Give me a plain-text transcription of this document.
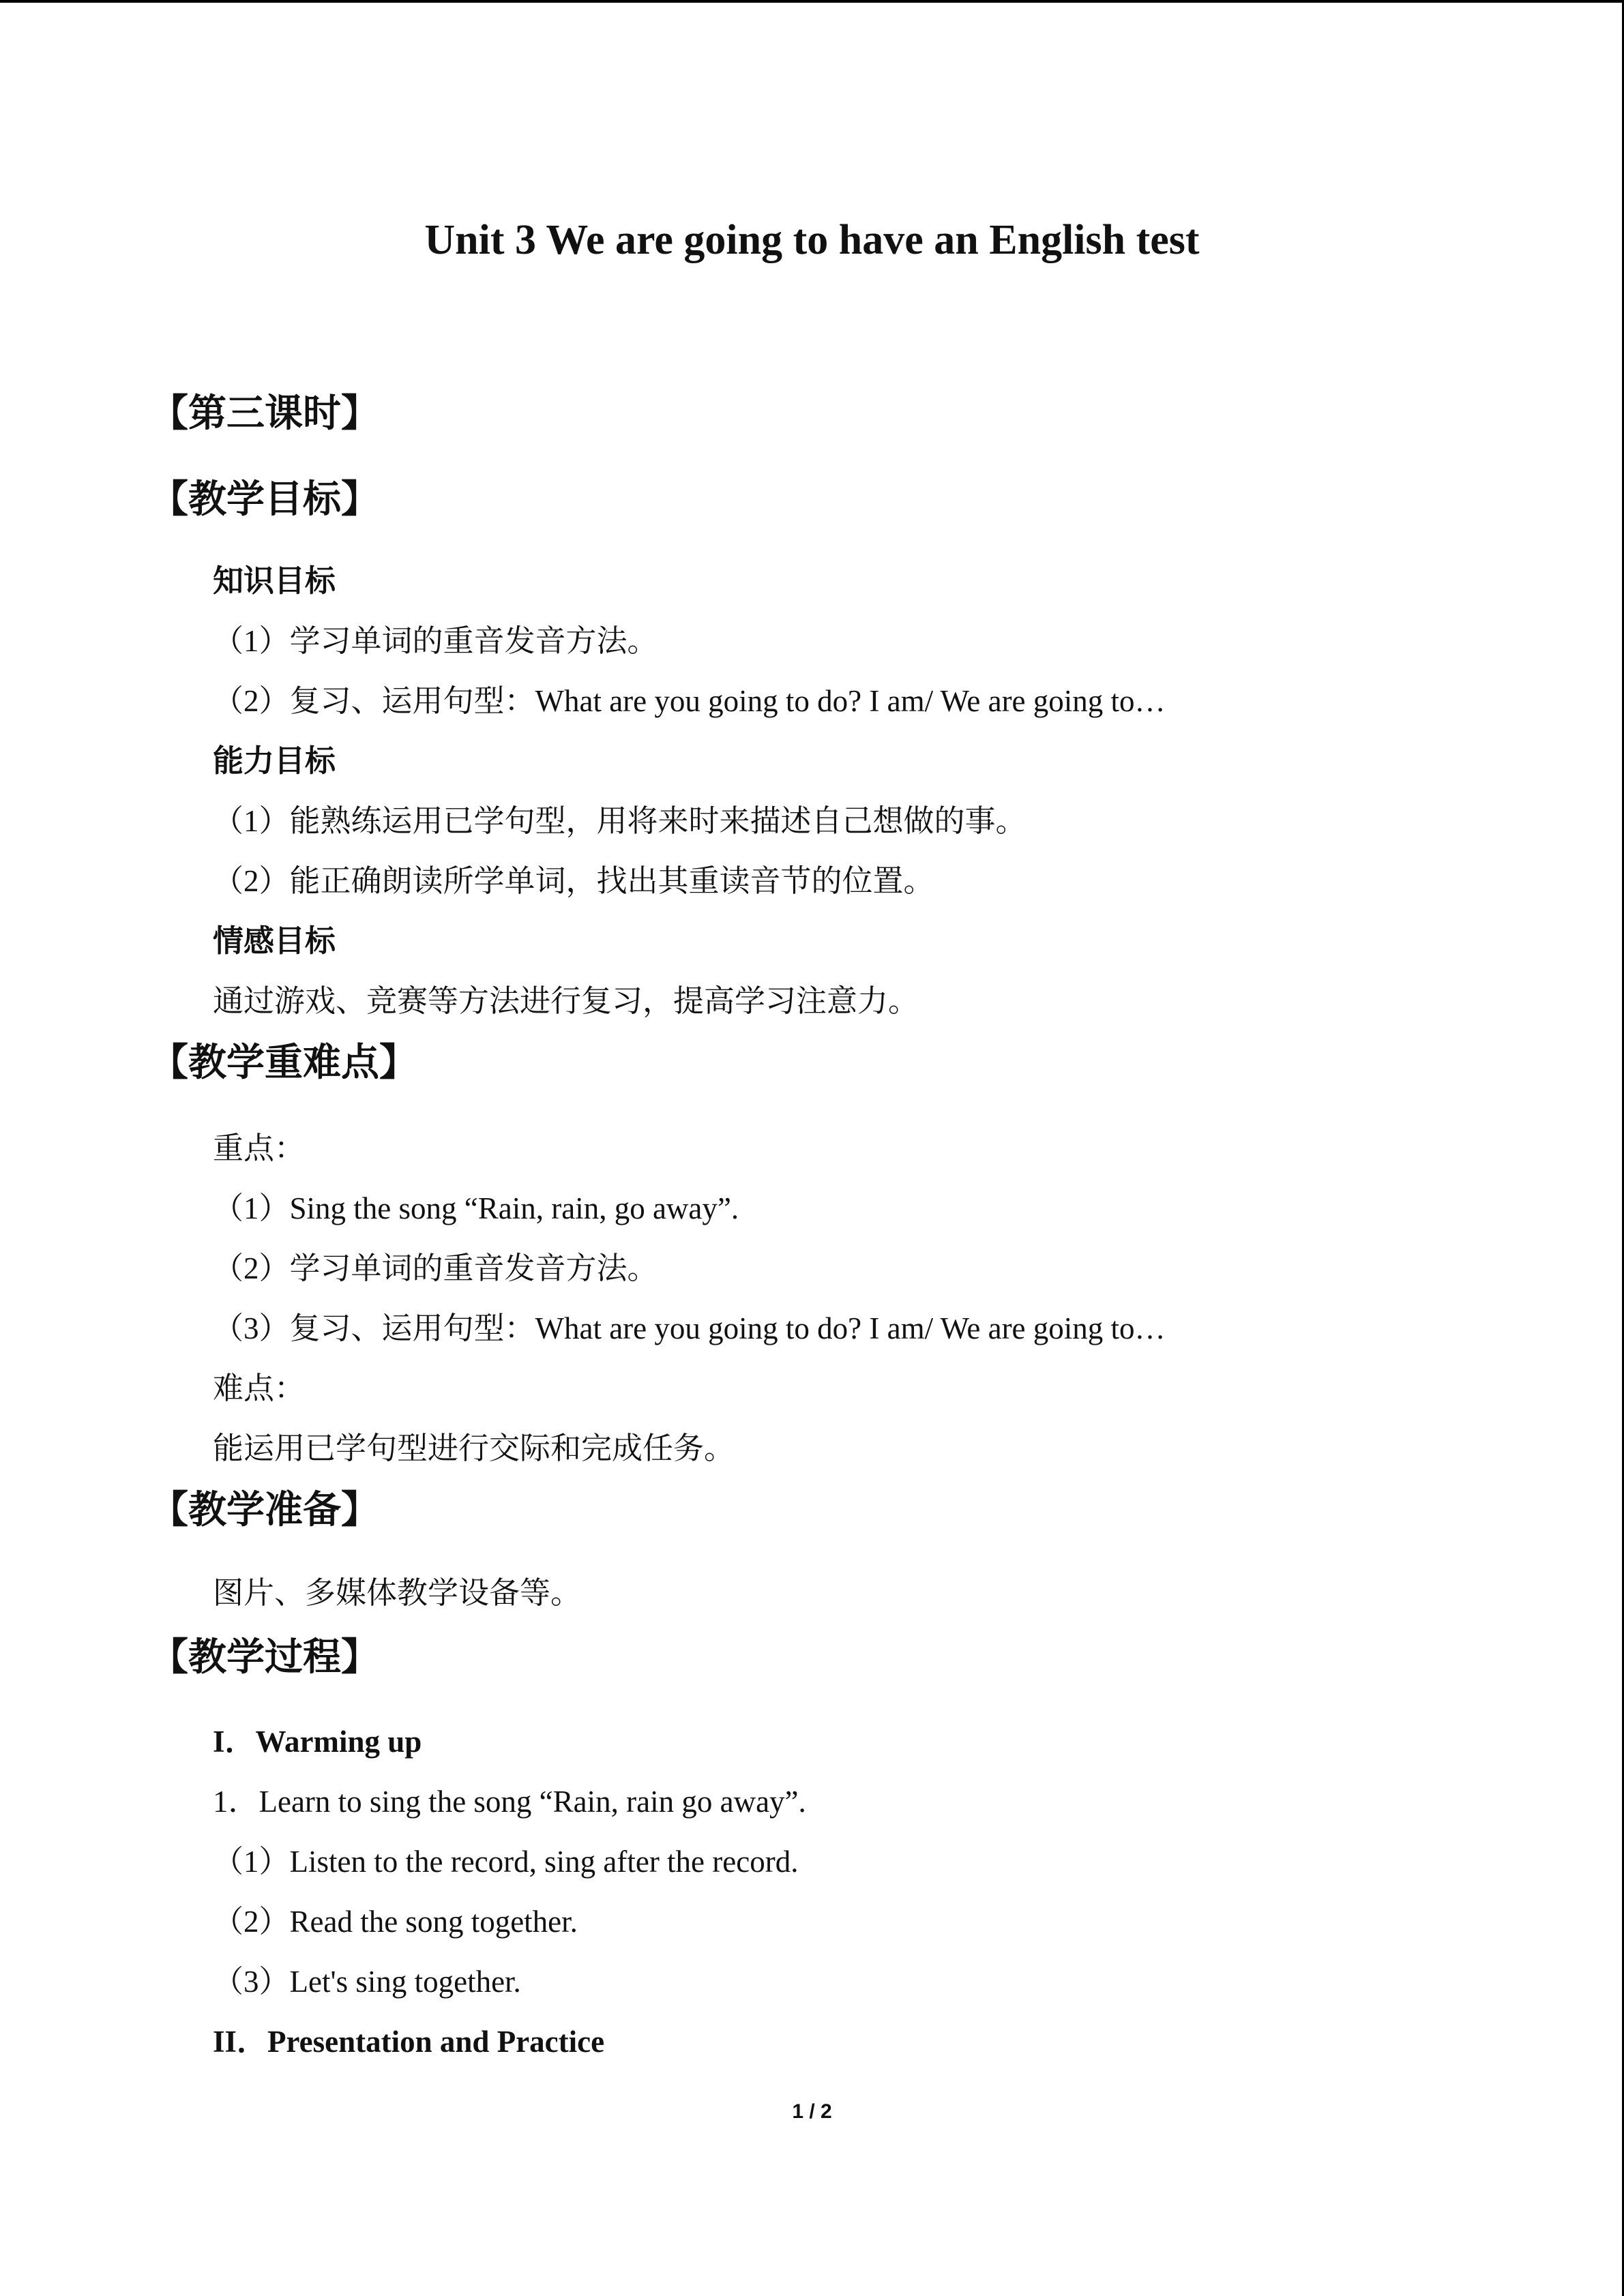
Unit 3 We are going to have an English test
【第三课时】
【教学目标】
知识目标
（1）学习单词的重音发音方法。
（2）复习、运用句型：What are you going to do? I am/ We are going to…
能力目标
（1）能熟练运用已学句型，用将来时来描述自己想做的事。
（2）能正确朗读所学单词，找出其重读音节的位置。
情感目标
通过游戏、竞赛等方法进行复习，提高学习注意力。
【教学重难点】
重点：
（1）Sing the song “Rain, rain, go away”.
（2）学习单词的重音发音方法。
（3）复习、运用句型：What are you going to do? I am/ We are going to…
难点：
能运用已学句型进行交际和完成任务。
【教学准备】
图片、多媒体教学设备等。
【教学过程】
I．Warming up
1．Learn to sing the song “Rain, rain go away”.
（1）Listen to the record, sing after the record.
（2）Read the song together.
（3）Let's sing together.
II．Presentation and Practice
1 / 2
